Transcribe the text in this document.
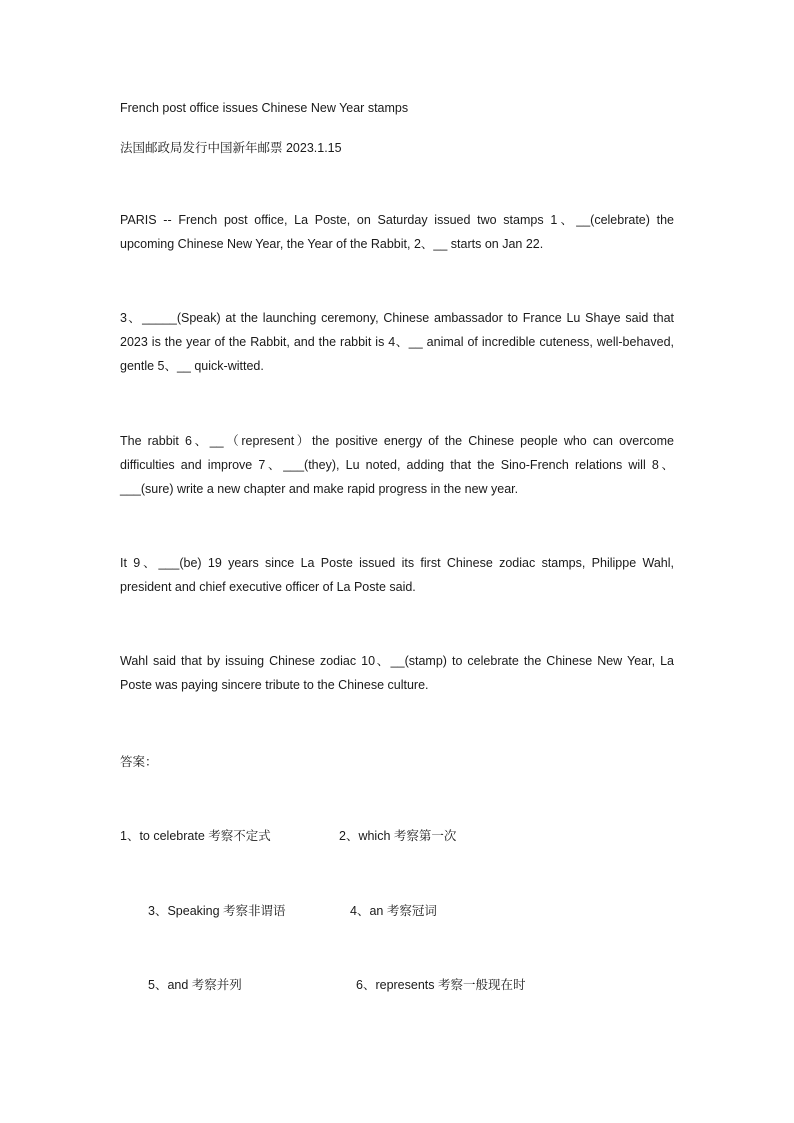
French post office issues Chinese New Year stamps
法国邮政局发行中国新年邮票 2023.1.15

PARIS -- French post office, La Poste, on Saturday issued two stamps 1、__(celebrate) the upcoming Chinese New Year, the Year of the Rabbit, 2、__ starts on Jan 22.

3、_____(Speak) at the launching ceremony, Chinese ambassador to France Lu Shaye said that 2023 is the year of the Rabbit, and the rabbit is 4、__ animal of incredible cuteness, well-behaved, gentle 5、__ quick-witted.

The rabbit 6、__（represent）the positive energy of the Chinese people who can overcome difficulties and improve 7、___(they), Lu noted, adding that the Sino-French relations will 8、___(sure) write a new chapter and make rapid progress in the new year.

It 9、___(be) 19 years since La Poste issued its first Chinese zodiac stamps, Philippe Wahl, president and chief executive officer of La Poste said.

Wahl said that by issuing Chinese zodiac 10、__(stamp) to celebrate the Chinese New Year, La Poste was paying sincere tribute to the Chinese culture.

答案：
1、to celebrate 考察不定式	2、which 考察第一次
3、Speaking 考察非谓语	4、an 考察冠词
5、and 考察并列	6、represents 考察一般现在时
